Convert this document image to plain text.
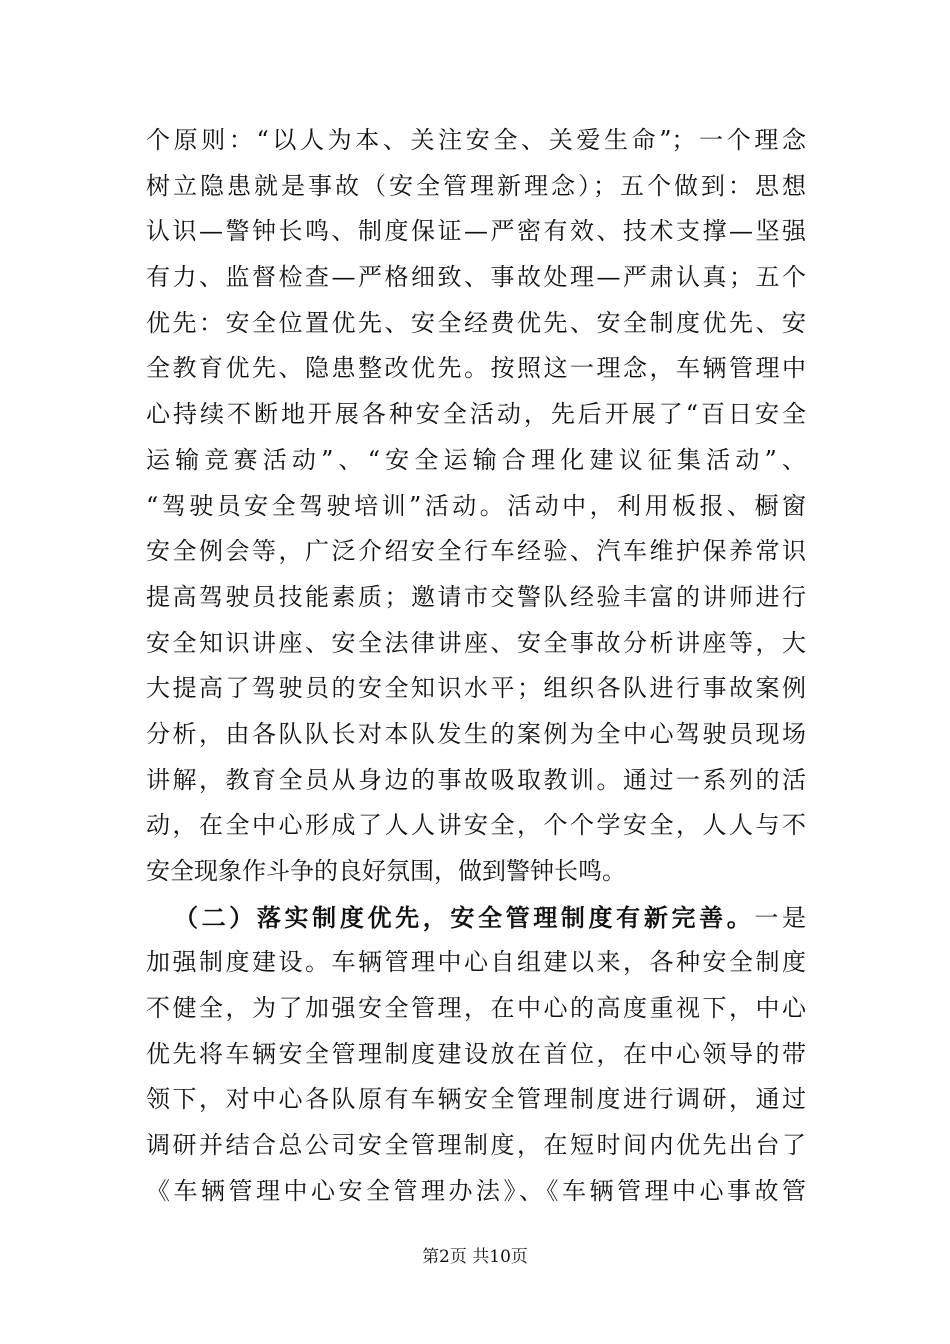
个原则：“以人为本、关注安全、关爱生命”；一个理念
树立隐患就是事故（安全管理新理念）；五个做到：思想
认识—警钟长鸣、制度保证—严密有效、技术支撑—坚强
有力、监督检查—严格细致、事故处理—严肃认真；五个
优先：安全位置优先、安全经费优先、安全制度优先、安
全教育优先、隐患整改优先。按照这一理念，车辆管理中
心持续不断地开展各种安全活动，先后开展了“百日安全
运输竞赛活动”、“安全运输合理化建议征集活动”、
“驾驶员安全驾驶培训”活动。活动中，利用板报、橱窗
安全例会等，广泛介绍安全行车经验、汽车维护保养常识
提高驾驶员技能素质；邀请市交警队经验丰富的讲师进行
安全知识讲座、安全法律讲座、安全事故分析讲座等，大
大提高了驾驶员的安全知识水平；组织各队进行事故案例
分析，由各队队长对本队发生的案例为全中心驾驶员现场
讲解，教育全员从身边的事故吸取教训。通过一系列的活
动，在全中心形成了人人讲安全，个个学安全，人人与不
安全现象作斗争的良好氛围，做到警钟长鸣。
（二）落实制度优先，安全管理制度有新完善。一是
加强制度建设。车辆管理中心自组建以来，各种安全制度
不健全，为了加强安全管理，在中心的高度重视下，中心
优先将车辆安全管理制度建设放在首位，在中心领导的带
领下，对中心各队原有车辆安全管理制度进行调研，通过
调研并结合总公司安全管理制度，在短时间内优先出台了
《车辆管理中心安全管理办法》、《车辆管理中心事故管
第2页 共10页
